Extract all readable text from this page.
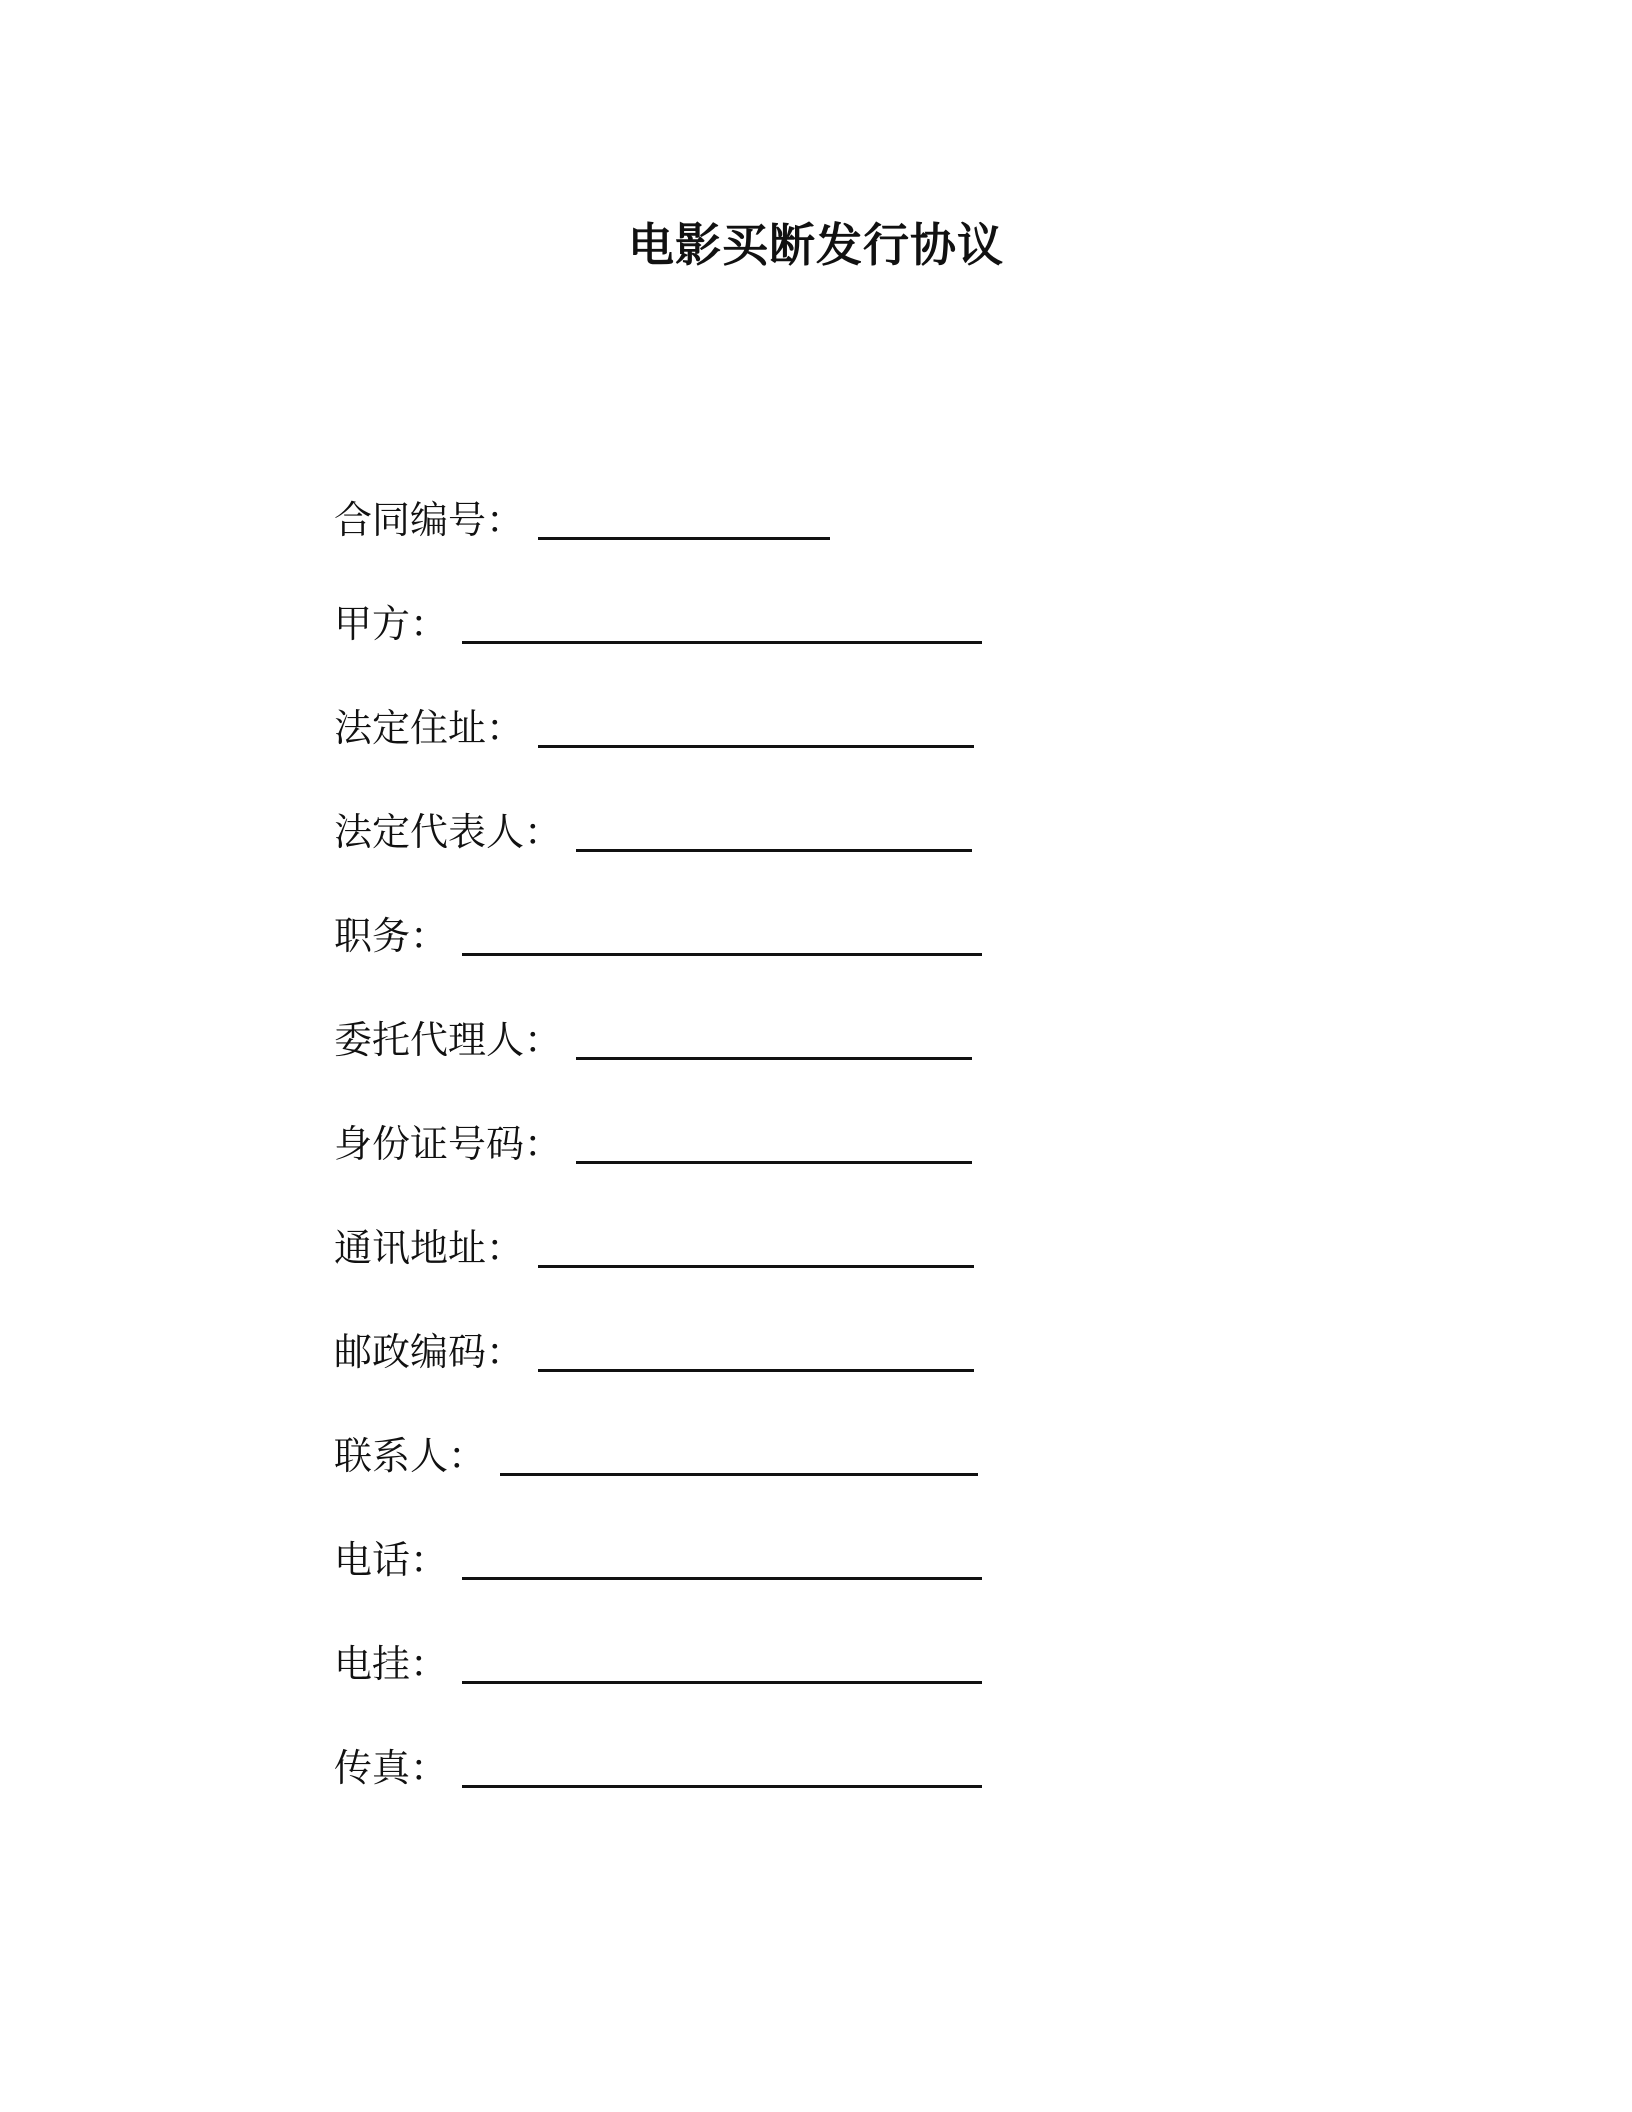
电影买断发行协议
合同编号 ：
甲方 ：
法定住址 ：
法定代表人 ：
职务 ：
委托代理人 ：
身份证号码 ：
通讯地址 ：
邮政编码 ：
联系人 ：
电话 ：
电挂 ：
传真 ：
